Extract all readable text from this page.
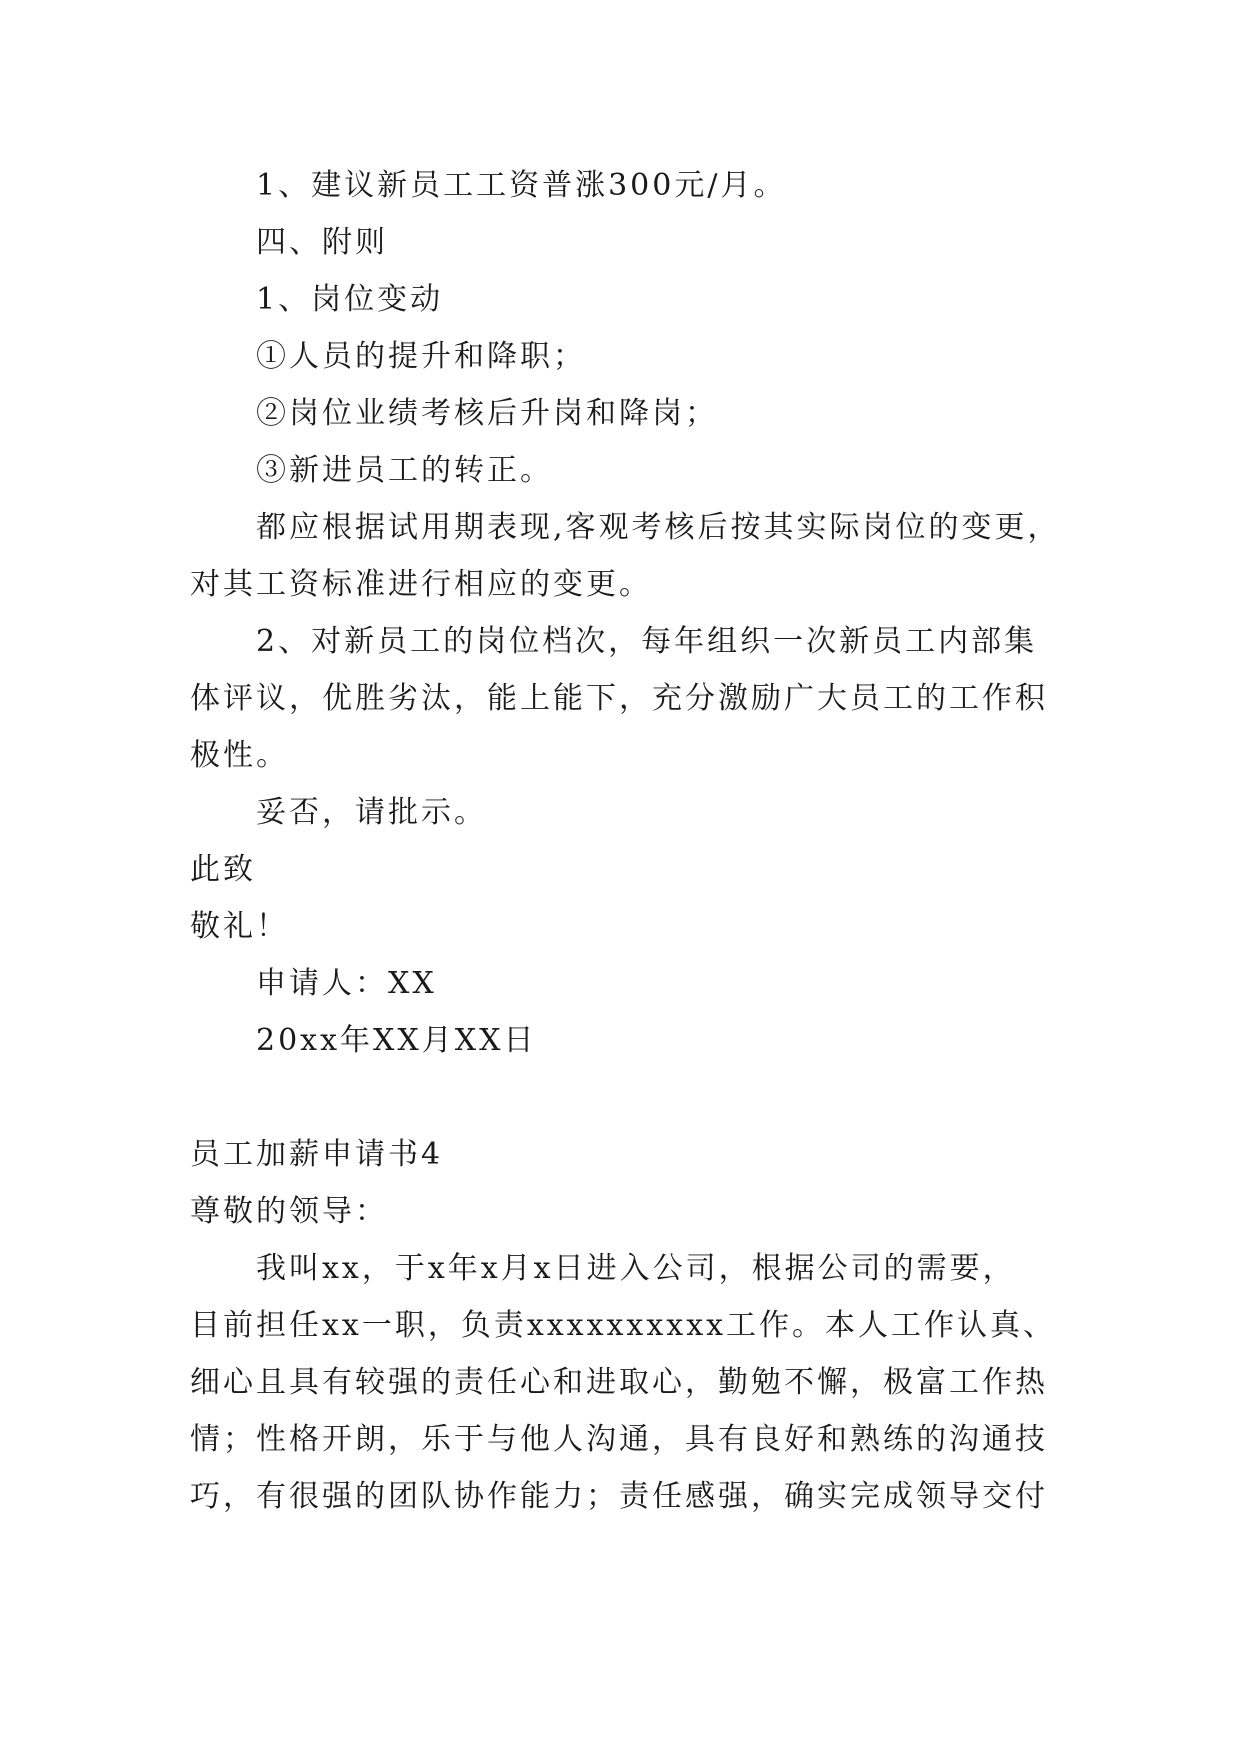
1、建议新员工工资普涨300元/月。
四、附则
1、岗位变动
①人员的提升和降职；
②岗位业绩考核后升岗和降岗；
③新进员工的转正。
都应根据试用期表现,客观考核后按其实际岗位的变更，
对其工资标准进行相应的变更。
2、对新员工的岗位档次，每年组织一次新员工内部集
体评议，优胜劣汰，能上能下，充分激励广大员工的工作积
极性。
妥否，请批示。
此致
敬礼！
申请人：XX
20xx年XX月XX日
员工加薪申请书4
尊敬的领导：
我叫xx，于x年x月x日进入公司，根据公司的需要，
目前担任xx一职，负责xxxxxxxxxx工作。本人工作认真、
细心且具有较强的责任心和进取心，勤勉不懈，极富工作热
情；性格开朗，乐于与他人沟通，具有良好和熟练的沟通技
巧，有很强的团队协作能力；责任感强，确实完成领导交付
